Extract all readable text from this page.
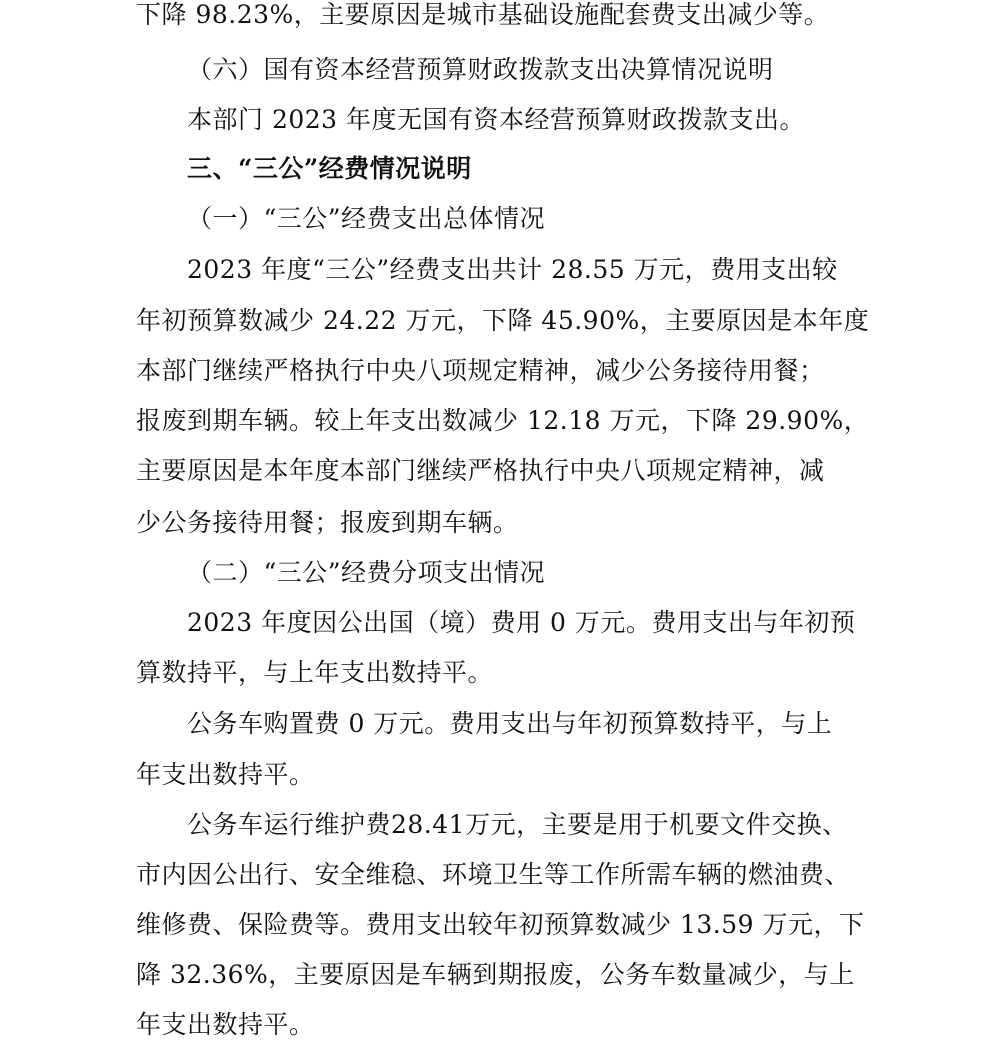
下降 98.23%，主要原因是城市基础设施配套费支出减少等。
（六）国有资本经营预算财政拨款支出决算情况说明
本部门 2023 年度无国有资本经营预算财政拨款支出。
三、“三公”经费情况说明
（一）“三公”经费支出总体情况
2023 年度“三公”经费支出共计 28.55 万元，费用支出较
年初预算数减少 24.22 万元，下降 45.90%，主要原因是本年度
本部门继续严格执行中央八项规定精神，减少公务接待用餐；
报废到期车辆。较上年支出数减少 12.18 万元，下降 29.90%，
主要原因是本年度本部门继续严格执行中央八项规定精神，减
少公务接待用餐；报废到期车辆。
（二）“三公”经费分项支出情况
2023 年度因公出国（境）费用 0 万元。费用支出与年初预
算数持平，与上年支出数持平。
公务车购置费 0 万元。费用支出与年初预算数持平，与上
年支出数持平。
公务车运行维护费28.41万元，主要是用于机要文件交换、
市内因公出行、安全维稳、环境卫生等工作所需车辆的燃油费、
维修费、保险费等。费用支出较年初预算数减少 13.59 万元，下
降 32.36%，主要原因是车辆到期报废，公务车数量减少，与上
年支出数持平。
